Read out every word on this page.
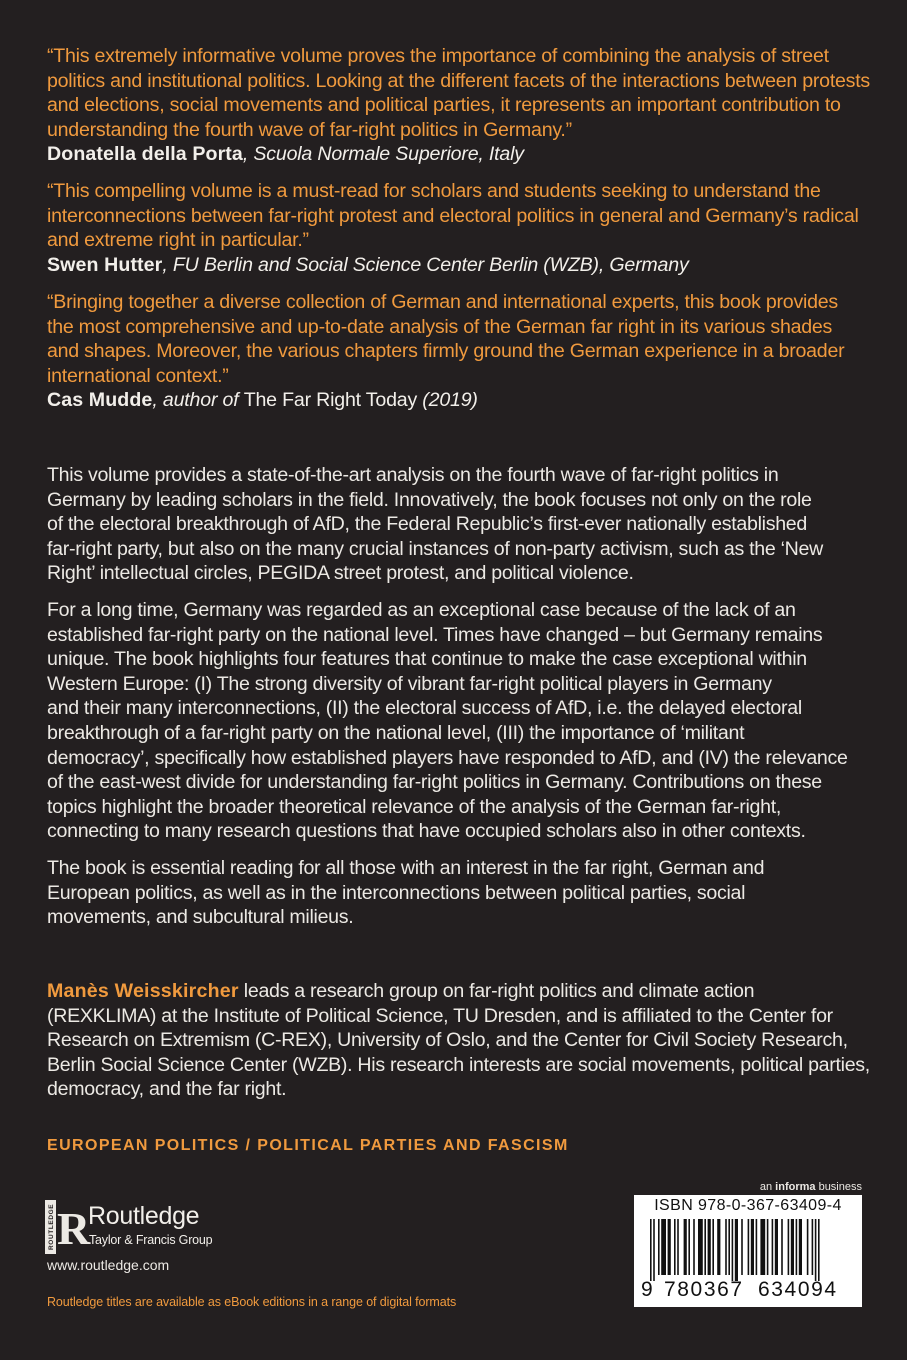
“This extremely informative volume proves the importance of combining the analysis of street
politics and institutional politics. Looking at the different facets of the interactions between protests
and elections, social movements and political parties, it represents an important contribution to
understanding the fourth wave of far-right politics in Germany.”
Donatella della Porta, Scuola Normale Superiore, Italy
“This compelling volume is a must-read for scholars and students seeking to understand the
interconnections between far-right protest and electoral politics in general and Germany’s radical
and extreme right in particular.”
Swen Hutter, FU Berlin and Social Science Center Berlin (WZB), Germany
“Bringing together a diverse collection of German and international experts, this book provides
the most comprehensive and up-to-date analysis of the German far right in its various shades
and shapes. Moreover, the various chapters firmly ground the German experience in a broader
international context.”
Cas Mudde, author of The Far Right Today (2019)
This volume provides a state-of-the-art analysis on the fourth wave of far-right politics in
Germany by leading scholars in the field. Innovatively, the book focuses not only on the role
of the electoral breakthrough of AfD, the Federal Republic’s first-ever nationally established
far-right party, but also on the many crucial instances of non-party activism, such as the ‘New
Right’ intellectual circles, PEGIDA street protest, and political violence.
For a long time, Germany was regarded as an exceptional case because of the lack of an
established far-right party on the national level. Times have changed – but Germany remains
unique. The book highlights four features that continue to make the case exceptional within
Western Europe: (I) The strong diversity of vibrant far-right political players in Germany
and their many interconnections, (II) the electoral success of AfD, i.e. the delayed electoral
breakthrough of a far-right party on the national level, (III) the importance of ‘militant
democracy’, specifically how established players have responded to AfD, and (IV) the relevance
of the east-west divide for understanding far-right politics in Germany. Contributions on these
topics highlight the broader theoretical relevance of the analysis of the German far-right,
connecting to many research questions that have occupied scholars also in other contexts.
The book is essential reading for all those with an interest in the far right, German and
European politics, as well as in the interconnections between political parties, social
movements, and subcultural milieus.
Manès Weisskircher leads a research group on far-right politics and climate action
(REXKLIMA) at the Institute of Political Science, TU Dresden, and is affiliated to the Center for
Research on Extremism (C-REX), University of Oslo, and the Center for Civil Society Research,
Berlin Social Science Center (WZB). His research interests are social movements, political parties,
democracy, and the far right.
EUROPEAN POLITICS / POLITICAL PARTIES AND FASCISM
ROUTLEDGE R
Routledge
Taylor & Francis Group
www.routledge.com
Routledge titles are available as eBook editions in a range of digital formats
an informa business
ISBN 978-0-367-63409-4
9 780367 634094
